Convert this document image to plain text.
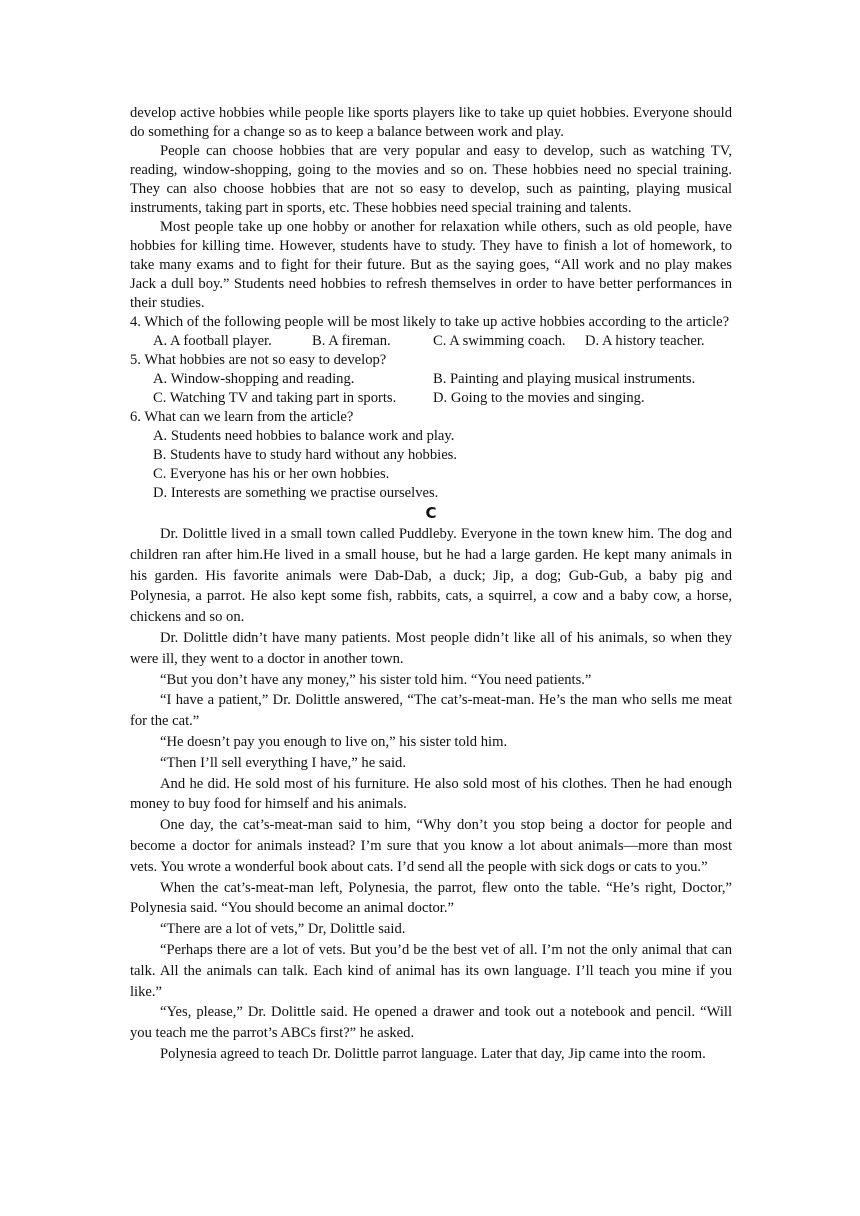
develop active hobbies while people like sports players like to take up quiet hobbies. Everyone should do something for a change so as to keep a balance between work and play.

People can choose hobbies that are very popular and easy to develop, such as watching TV, reading, window-shopping, going to the movies and so on. These hobbies need no special training. They can also choose hobbies that are not so easy to develop, such as painting, playing musical instruments, taking part in sports, etc. These hobbies need special training and talents.

Most people take up one hobby or another for relaxation while others, such as old people, have hobbies for killing time. However, students have to study. They have to finish a lot of homework, to take many exams and to fight for their future. But as the saying goes, “All work and no play makes Jack a dull boy.” Students need hobbies to refresh themselves in order to have better performances in their studies.

4. Which of the following people will be most likely to take up active hobbies according to the article?

A. A football player.	B. A fireman.	C. A swimming coach.	D. A history teacher.

5. What hobbies are not so easy to develop?

A. Window-shopping and reading.	B. Painting and playing musical instruments.
C. Watching TV and taking part in sports.	D. Going to the movies and singing.

6. What can we learn from the article?

A. Students need hobbies to balance work and play.

B. Students have to study hard without any hobbies.

C. Everyone has his or her own hobbies.

D. Interests are something we practise ourselves.

C

Dr. Dolittle lived in a small town called Puddleby. Everyone in the town knew him. The dog and children ran after him.He lived in a small house, but he had a large garden. He kept many animals in his garden. His favorite animals were Dab-Dab, a duck; Jip, a dog; Gub-Gub, a baby pig and Polynesia, a parrot. He also kept some fish, rabbits, cats, a squirrel, a cow and a baby cow, a horse, chickens and so on.

Dr. Dolittle didn’t have many patients. Most people didn’t like all of his animals, so when they were ill, they went to a doctor in another town.

“But you don’t have any money,” his sister told him. “You need patients.”

“I have a patient,” Dr. Dolittle answered, “The cat’s-meat-man. He’s the man who sells me meat for the cat.”

“He doesn’t pay you enough to live on,” his sister told him.

“Then I’ll sell everything I have,” he said.

And he did. He sold most of his furniture. He also sold most of his clothes. Then he had enough money to buy food for himself and his animals.

One day, the cat’s-meat-man said to him, “Why don’t you stop being a doctor for people and become a doctor for animals instead? I’m sure that you know a lot about animals—more than most vets. You wrote a wonderful book about cats. I’d send all the people with sick dogs or cats to you.”

When the cat’s-meat-man left, Polynesia, the parrot, flew onto the table. “He’s right, Doctor,” Polynesia said. “You should become an animal doctor.”

“There are a lot of vets,” Dr, Dolittle said.

“Perhaps there are a lot of vets. But you’d be the best vet of all. I’m not the only animal that can talk. All the animals can talk. Each kind of animal has its own language. I’ll teach you mine if you like.”

“Yes, please,” Dr. Dolittle said. He opened a drawer and took out a notebook and pencil. “Will you teach me the parrot’s ABCs first?” he asked.

Polynesia agreed to teach Dr. Dolittle parrot language. Later that day, Jip came into the room.
